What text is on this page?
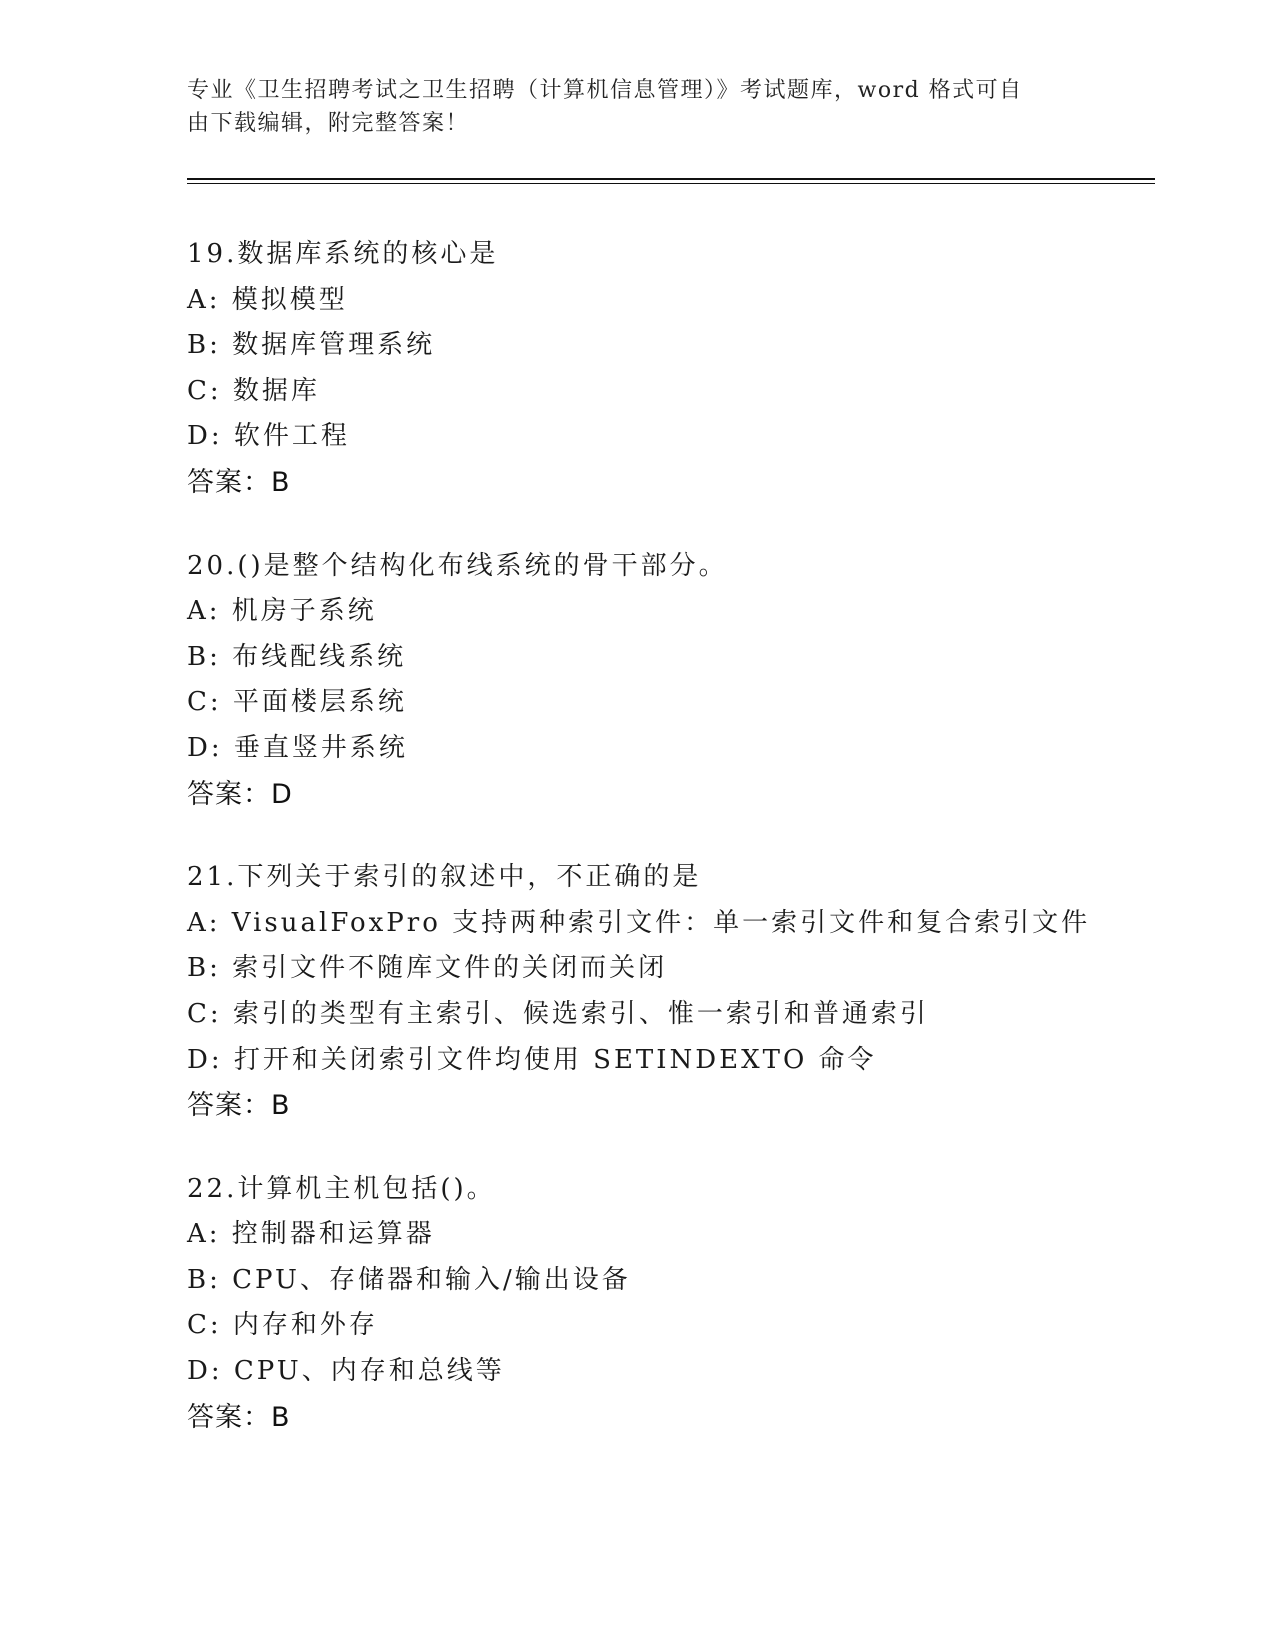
专业《卫生招聘考试之卫生招聘（计算机信息管理）》考试题库，word 格式可自
由下载编辑，附完整答案！
19.数据库系统的核心是
A: 模拟模型
B: 数据库管理系统
C: 数据库
D: 软件工程
答案：B
20.()是整个结构化布线系统的骨干部分。
A: 机房子系统
B: 布线配线系统
C: 平面楼层系统
D: 垂直竖井系统
答案：D
21.下列关于索引的叙述中，不正确的是
A: VisualFoxPro 支持两种索引文件：单一索引文件和复合索引文件
B: 索引文件不随库文件的关闭而关闭
C: 索引的类型有主索引、候选索引、惟一索引和普通索引
D: 打开和关闭索引文件均使用 SETINDEXTO 命令
答案：B
22.计算机主机包括()。
A: 控制器和运算器
B: CPU、存储器和输入/输出设备
C: 内存和外存
D: CPU、内存和总线等
答案：B
